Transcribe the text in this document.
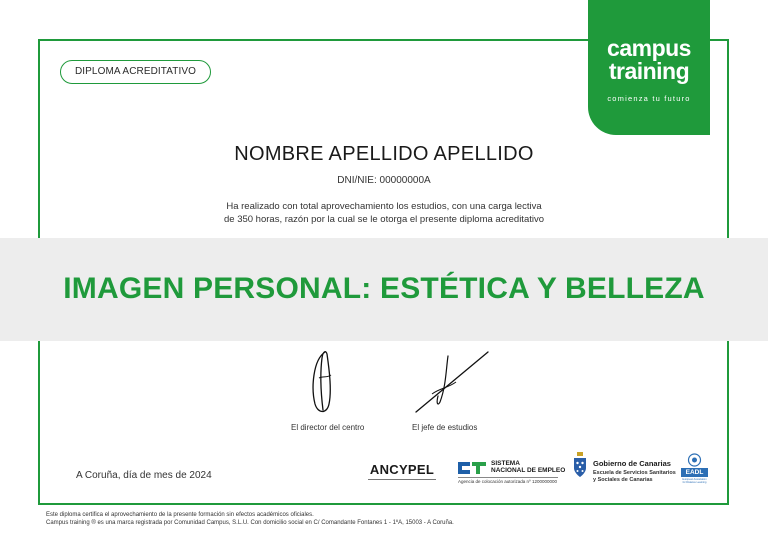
DIPLOMA ACREDITATIVO
campus
training
comienza tu futuro
NOMBRE APELLIDO APELLIDO
DNI/NIE: 00000000A
Ha realizado con total aprovechamiento los estudios, con una carga lectiva
de 350 horas, razón por la cual se le otorga el presente diploma acreditativo
IMAGEN PERSONAL: ESTÉTICA Y BELLEZA
El director del centro	El jefe de estudios
A Coruña, día de mes de 2024	ANCYPEL	SISTEMA
NACIONAL DE EMPLEO
Agencia de colocación autorizada nº 1200000000
Gobierno de Canarias
Escuela de Servicios Sanitarios
y Sociales de Canarias
EADL
European Association for Distance Learning
Este diploma certifica el aprovechamiento de la presente formación sin efectos académicos oficiales.
Campus training ® es una marca registrada por Comunidad Campus, S.L.U. Con domicilio social en C/ Comandante Fontanes 1 - 1ºA, 15003 - A Coruña.
